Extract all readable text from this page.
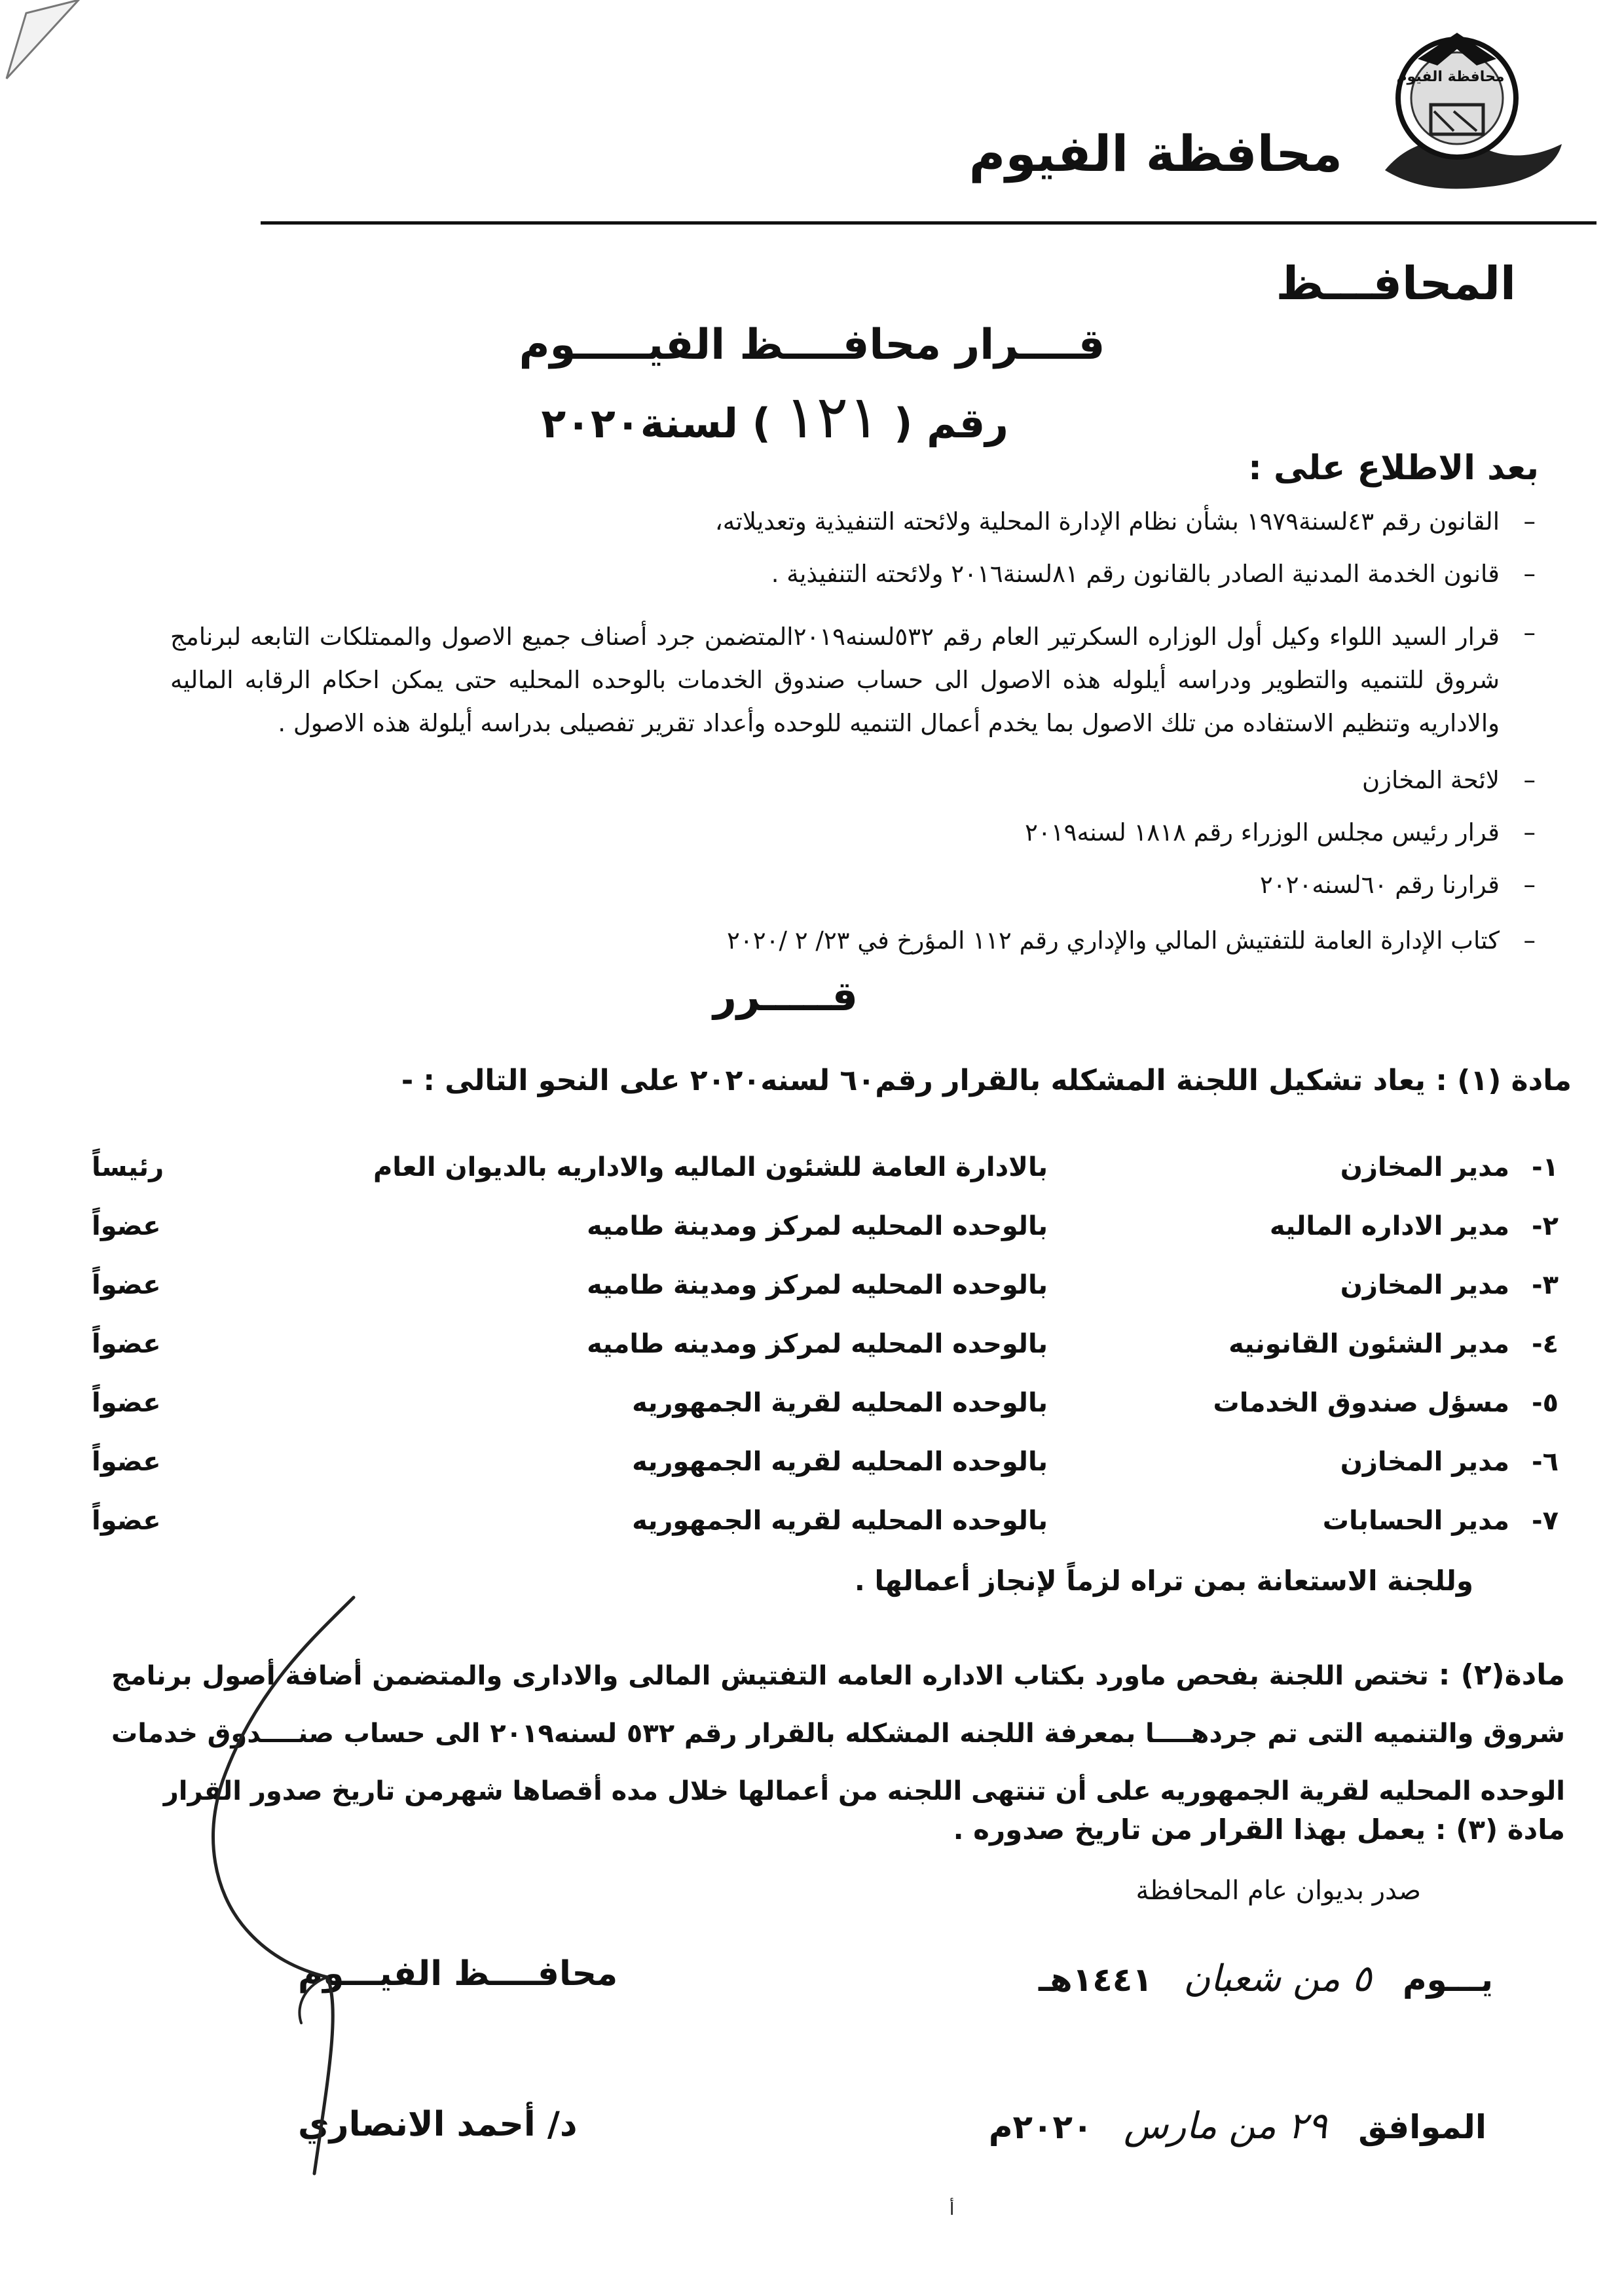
محافظة الفيوم
محافظة الفيوم
المحافـــظ
قــــرار محافــــظ الفيـــــوم
رقم ( ١٢١ ) لسنة٢٠٢٠
بعد الاطلاع على :
–
القانون رقم ٤٣لسنة١٩٧٩ بشأن نظام الإدارة المحلية ولائحته التنفيذية وتعديلاته،
–
قانون الخدمة المدنية الصادر بالقانون رقم ٨١لسنة٢٠١٦ ولائحته التنفيذية .
–
قرار السيد اللواء وكيل أول الوزاره السكرتير العام رقم ٥٣٢لسنه٢٠١٩المتضمن جرد أصناف جميع الاصول والممتلكات التابعه لبرنامج شروق للتنميه والتطوير ودراسه أيلوله هذه الاصول الى حساب صندوق الخدمات بالوحده المحليه حتى يمكن احكام الرقابه الماليه والاداريه وتنظيم الاستفاده من تلك الاصول بما يخدم أعمال التنميه للوحده وأعداد تقرير تفصيلى بدراسه أيلولة هذه الاصول .
–
لائحة المخازن
–
قرار رئيس مجلس الوزراء رقم ١٨١٨ لسنه٢٠١٩
–
قرارنا رقم ٦٠لسنه٢٠٢٠
–
كتاب الإدارة العامة للتفتيش المالي والإداري رقم ١١٢ المؤرخ في ٢٣/ ٢ /٢٠٢٠
قـــــرر
مادة (١) : يعاد تشكيل اللجنة المشكله بالقرار رقم٦٠ لسنه٢٠٢٠ على النحو التالى : -
١-
مدير المخازن
بالادارة العامة للشئون الماليه والاداريه بالديوان العام
رئيساً
٢-
مدير الاداره الماليه
بالوحده المحليه لمركز ومدينة طاميه
عضواً
٣-
مدير المخازن
بالوحده المحليه لمركز ومدينة طاميه
عضواً
٤-
مدير الشئون القانونيه
بالوحده المحليه لمركز ومدينه طاميه
عضواً
٥-
مسؤل صندوق الخدمات
بالوحده المحليه لقرية الجمهوريه
عضواً
٦-
مدير المخازن
بالوحده المحليه لقريه الجمهوريه
عضواً
٧-
مدير الحسابات
بالوحده المحليه لقريه الجمهوريه
عضواً
وللجنة الاستعانة بمن تراه لزماً لإنجاز أعمالها .
مادة(٢) : تختص اللجنة بفحص ماورد بكتاب الاداره العامه التفتيش المالى والادارى والمتضمن أضافة أصول برنامج شروق والتنميه التى تم جردهــــا بمعرفة اللجنه المشكله بالقرار رقم ٥٣٢ لسنه٢٠١٩ الى حساب صنــــدوق خدمات الوحده المحليه لقرية الجمهوريه على أن تنتهى اللجنه من أعمالها خلال مده أقصاها شهرمن تاريخ صدور القرار
مادة (٣) : يعمل بهذا القرار من تاريخ صدوره .
صدر بديوان عام المحافظة
يـــوم ٥ من شعبان ١٤٤١هـ
محافــــظ الفيـــوم
الموافق ٢٩ من مارس ٢٠٢٠م
د/ أحمد الانصاري
أ
